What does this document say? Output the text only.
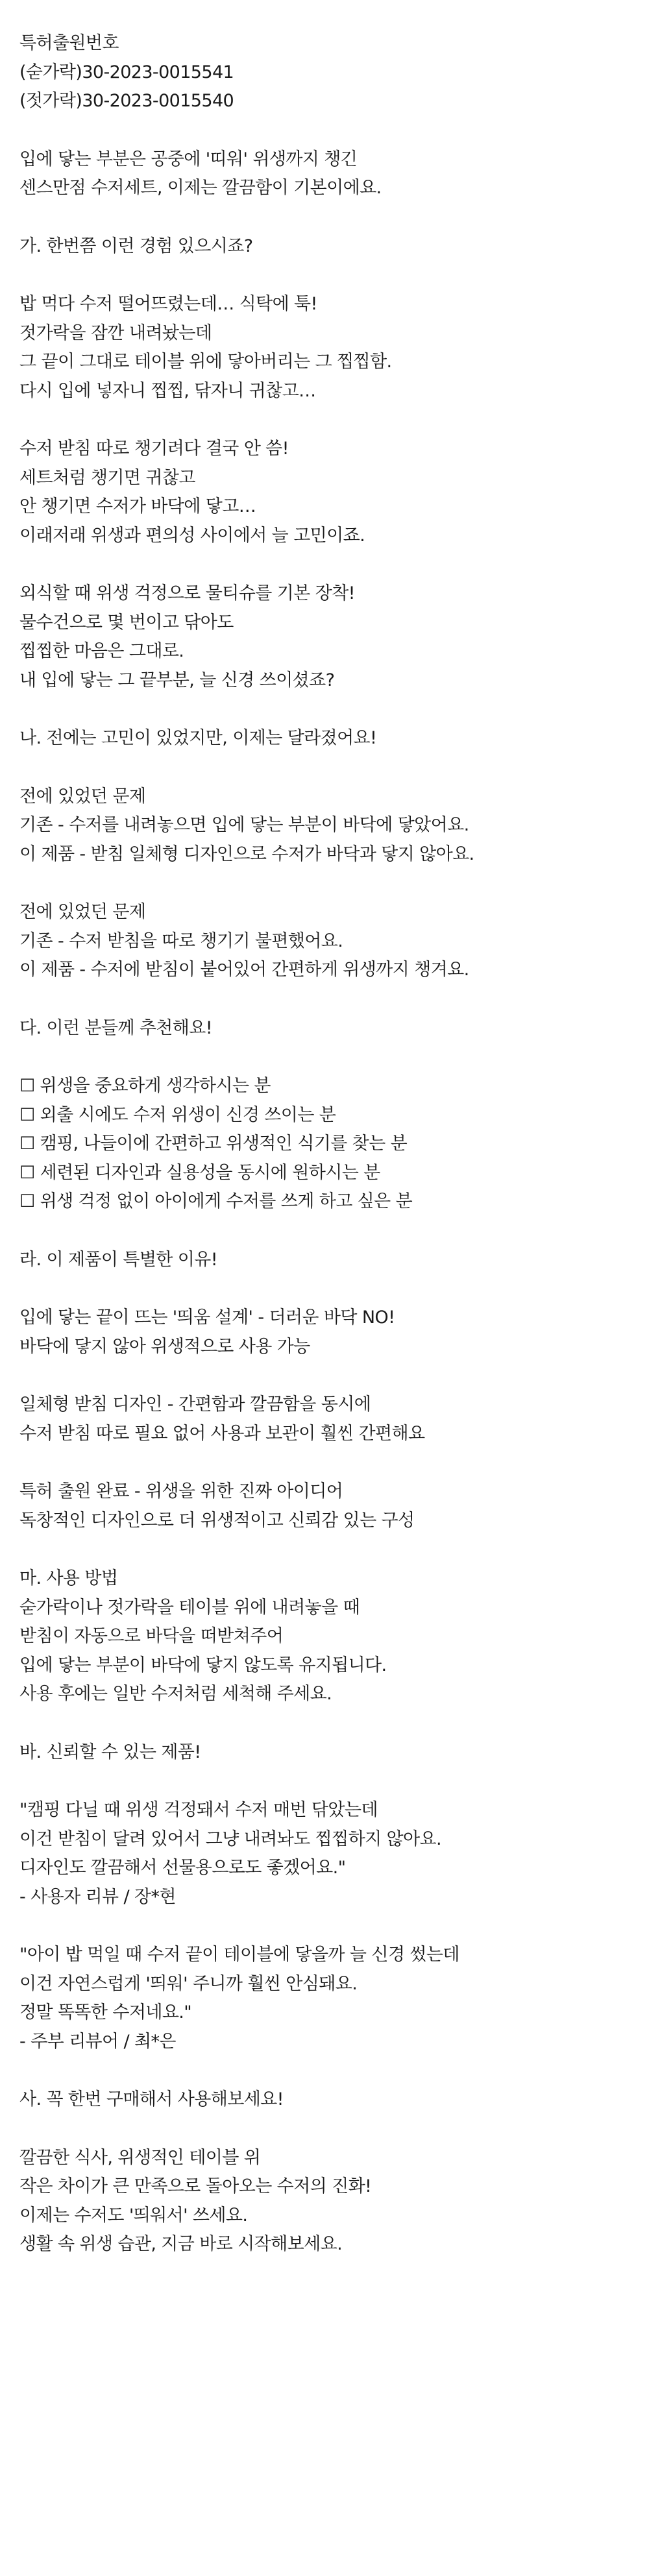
특허출원번호
(숟가락)30-2023-0015541
(젓가락)30-2023-0015540
입에 닿는 부분은 공중에 '띠워' 위생까지 챙긴
센스만점 수저세트, 이제는 깔끔함이 기본이에요.
가. 한번쯤 이런 경험 있으시죠?
밥 먹다 수저 떨어뜨렸는데… 식탁에 툭!
젓가락을 잠깐 내려놨는데
그 끝이 그대로 테이블 위에 닿아버리는 그 찝찝함.
다시 입에 넣자니 찝찝, 닦자니 귀찮고…
수저 받침 따로 챙기려다 결국 안 씀!
세트처럼 챙기면 귀찮고
안 챙기면 수저가 바닥에 닿고…
이래저래 위생과 편의성 사이에서 늘 고민이죠.
외식할 때 위생 걱정으로 물티슈를 기본 장착!
물수건으로 몇 번이고 닦아도
찝찝한 마음은 그대로.
내 입에 닿는 그 끝부분, 늘 신경 쓰이셨죠?
나. 전에는 고민이 있었지만, 이제는 달라졌어요!
전에 있었던 문제
기존 - 수저를 내려놓으면 입에 닿는 부분이 바닥에 닿았어요.
이 제품 - 받침 일체형 디자인으로 수저가 바닥과 닿지 않아요.
전에 있었던 문제
기존 - 수저 받침을 따로 챙기기 불편했어요.
이 제품 - 수저에 받침이 붙어있어 간편하게 위생까지 챙겨요.
다. 이런 분들께 추천해요!
☐ 위생을 중요하게 생각하시는 분
☐ 외출 시에도 수저 위생이 신경 쓰이는 분
☐ 캠핑, 나들이에 간편하고 위생적인 식기를 찾는 분
☐ 세련된 디자인과 실용성을 동시에 원하시는 분
☐ 위생 걱정 없이 아이에게 수저를 쓰게 하고 싶은 분
라. 이 제품이 특별한 이유!
입에 닿는 끝이 뜨는 '띄움 설계' - 더러운 바닥 NO!
바닥에 닿지 않아 위생적으로 사용 가능
일체형 받침 디자인 - 간편함과 깔끔함을 동시에
수저 받침 따로 필요 없어 사용과 보관이 훨씬 간편해요
특허 출원 완료 - 위생을 위한 진짜 아이디어
독창적인 디자인으로 더 위생적이고 신뢰감 있는 구성
마. 사용 방법
숟가락이나 젓가락을 테이블 위에 내려놓을 때
받침이 자동으로 바닥을 떠받쳐주어
입에 닿는 부분이 바닥에 닿지 않도록 유지됩니다.
사용 후에는 일반 수저처럼 세척해 주세요.
바. 신뢰할 수 있는 제품!
"캠핑 다닐 때 위생 걱정돼서 수저 매번 닦았는데
이건 받침이 달려 있어서 그냥 내려놔도 찝찝하지 않아요.
디자인도 깔끔해서 선물용으로도 좋겠어요."
- 사용자 리뷰 / 장*현
"아이 밥 먹일 때 수저 끝이 테이블에 닿을까 늘 신경 썼는데
이건 자연스럽게 '띄워' 주니까 훨씬 안심돼요.
정말 똑똑한 수저네요."
- 주부 리뷰어 / 최*은
사. 꼭 한번 구매해서 사용해보세요!
깔끔한 식사, 위생적인 테이블 위
작은 차이가 큰 만족으로 돌아오는 수저의 진화!
이제는 수저도 '띄워서' 쓰세요.
생활 속 위생 습관, 지금 바로 시작해보세요.
